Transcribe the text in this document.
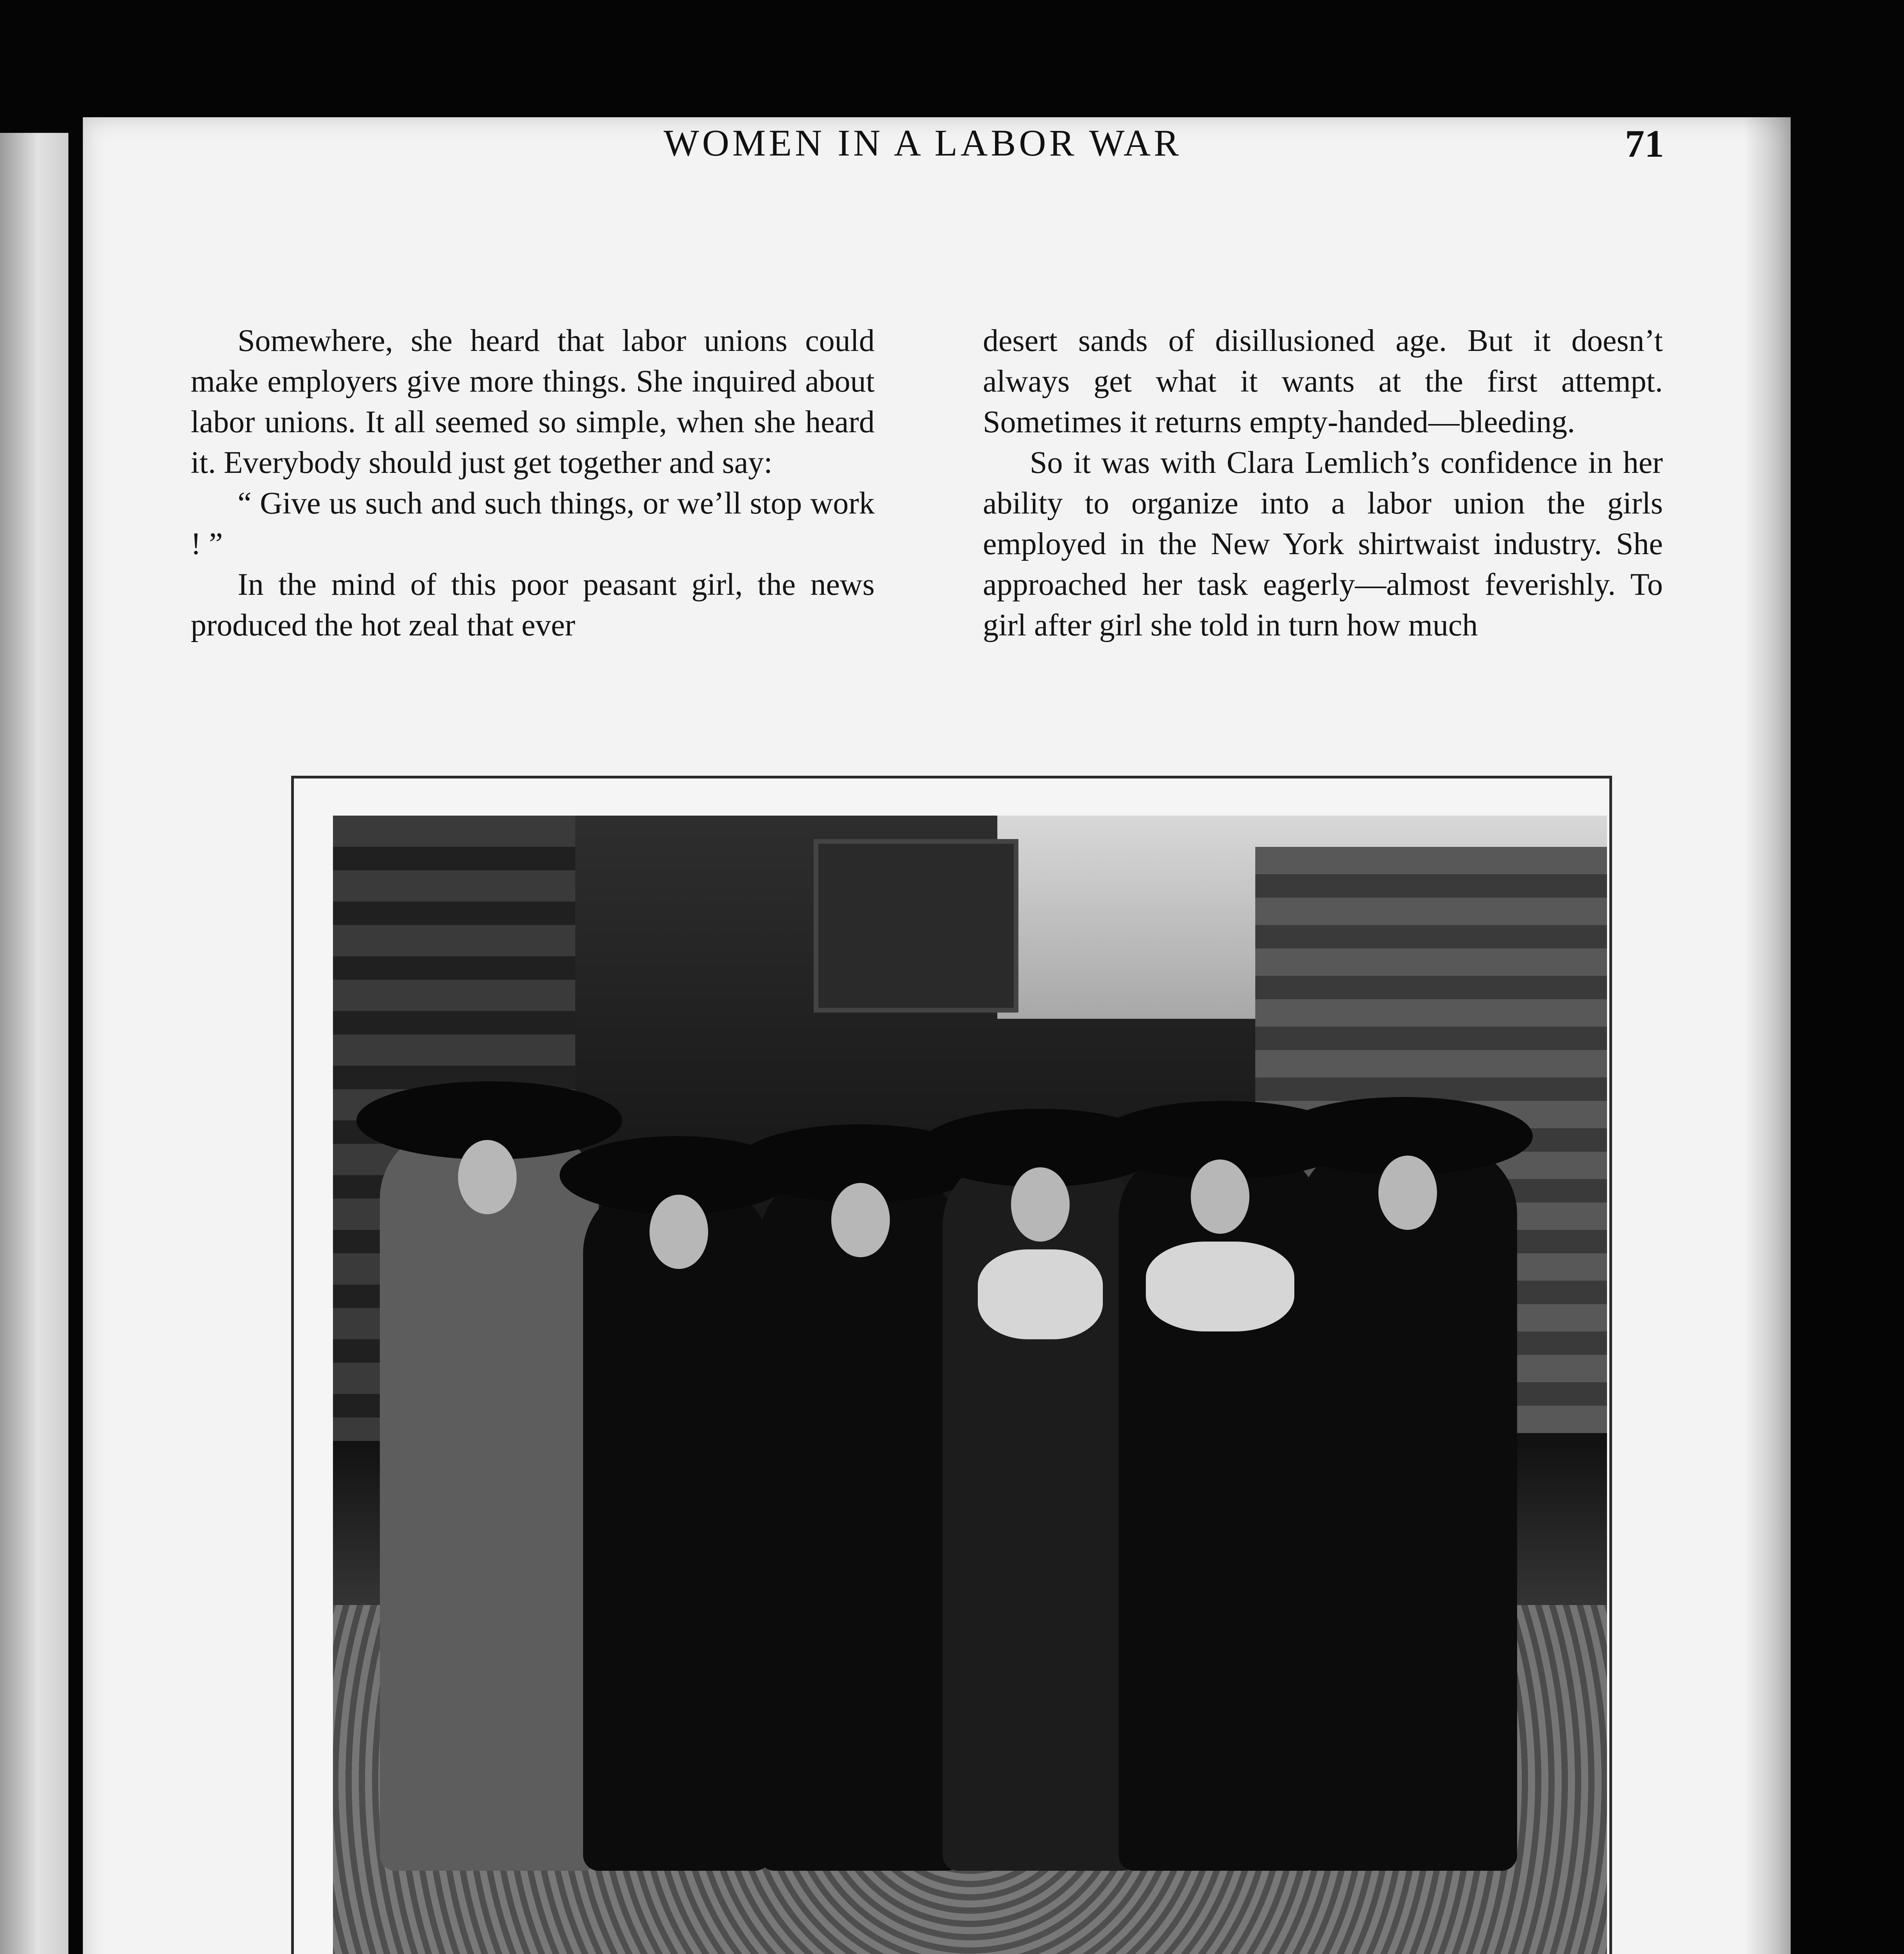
WOMEN IN A LABOR WAR	71

Somewhere, she heard that labor unions could make employers give more things. She inquired about labor unions. It all seemed so simple, when she heard it. Everybody should just get together and say:

“ Give us such and such things, or we’ll stop work ! ”

In the mind of this poor peasant girl, the news produced the hot zeal that ever

desert sands of disillusioned age. But it doesn’t always get what it wants at the first attempt. Sometimes it returns empty-handed—bleeding.

So it was with Clara Lemlich’s confidence in her ability to organize into a labor union the girls employed in the New York shirtwaist industry. She approached her task eagerly—almost feverishly. To girl after girl she told in turn how much
